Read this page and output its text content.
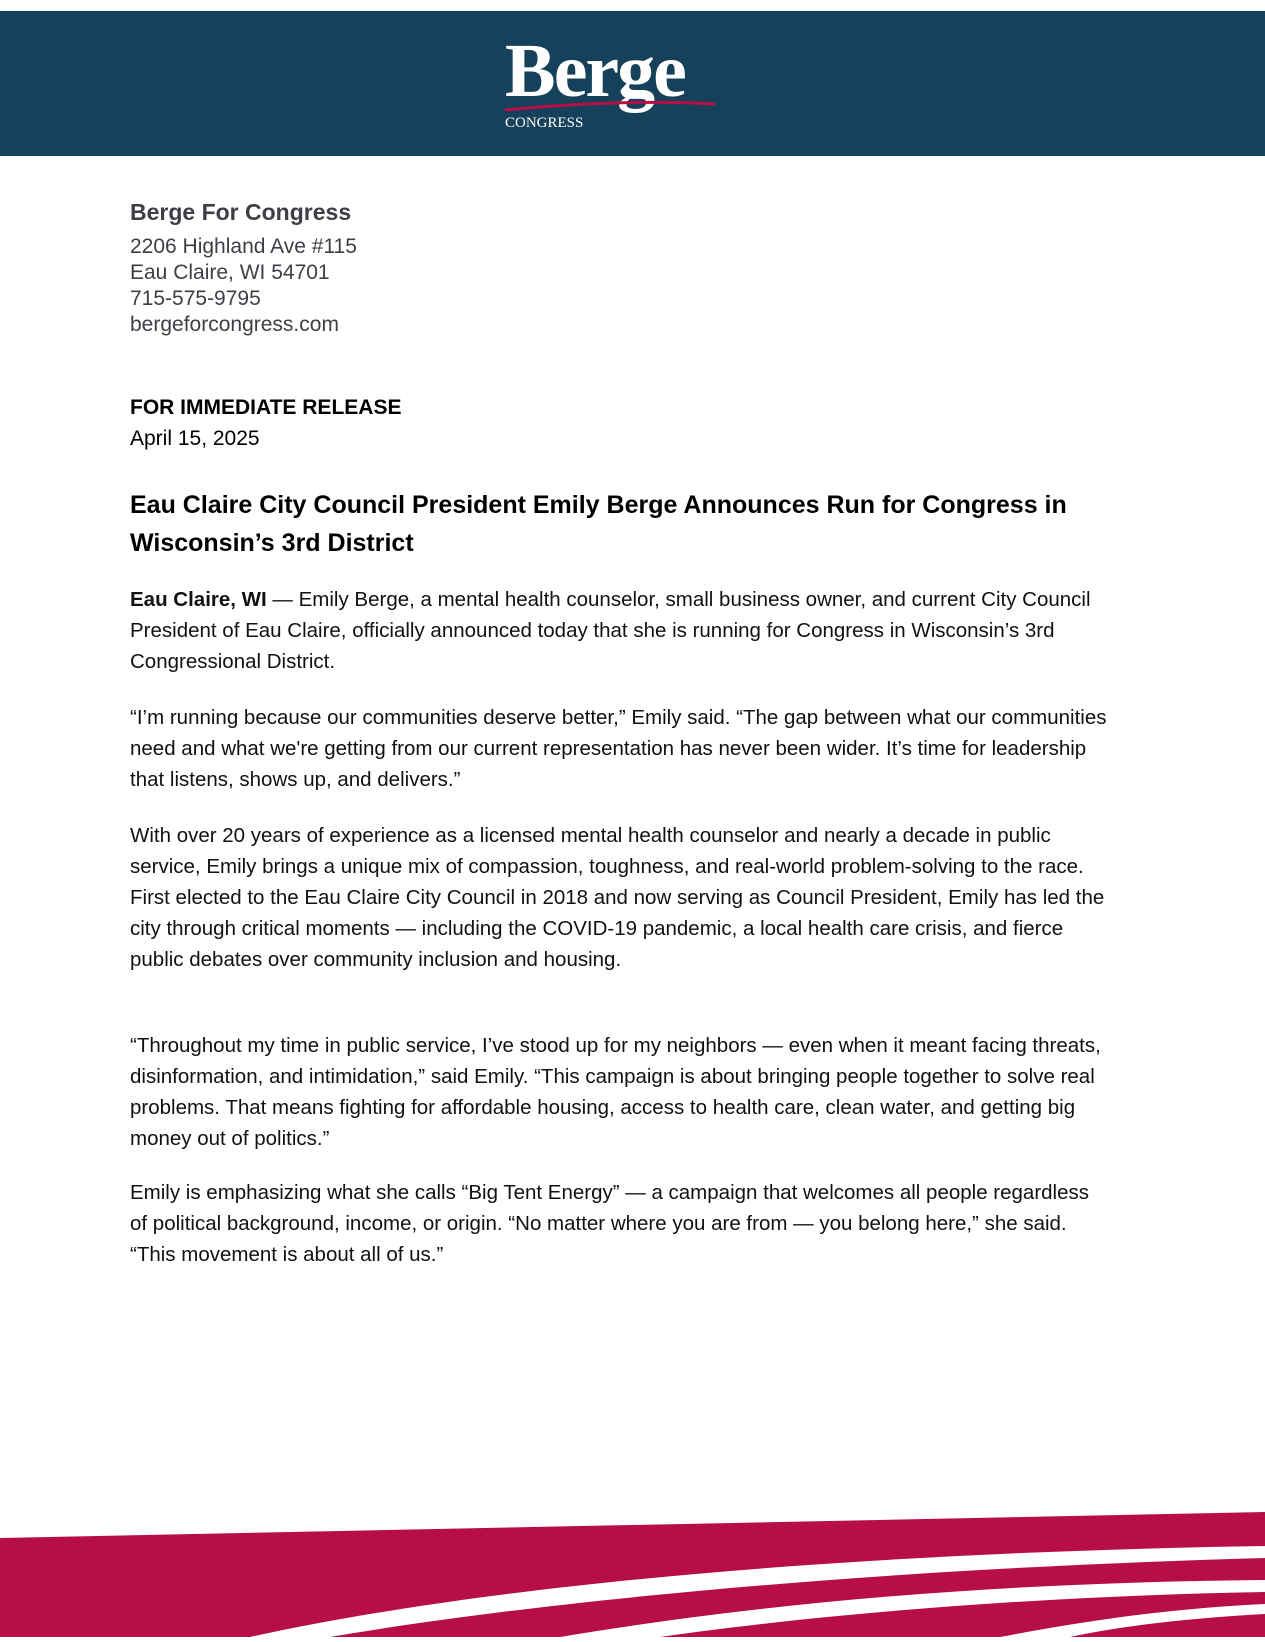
Berge
CONGRESS
Berge For Congress
2206 Highland Ave #115
Eau Claire, WI 54701
715-575-9795
bergeforcongress.com
FOR IMMEDIATE RELEASE
April 15, 2025
Eau Claire City Council President Emily Berge Announces Run for Congress in Wisconsin’s 3rd District

Eau Claire, WI — Emily Berge, a mental health counselor, small business owner, and current City Council President of Eau Claire, officially announced today that she is running for Congress in Wisconsin’s 3rd Congressional District.

“I’m running because our communities deserve better,” Emily said. “The gap between what our communities need and what we're getting from our current representation has never been wider. It’s time for leadership that listens, shows up, and delivers.”

With over 20 years of experience as a licensed mental health counselor and nearly a decade in public service, Emily brings a unique mix of compassion, toughness, and real-world problem-solving to the race. First elected to the Eau Claire City Council in 2018 and now serving as Council President, Emily has led the city through critical moments — including the COVID-19 pandemic, a local health care crisis, and fierce public debates over community inclusion and housing.

“Throughout my time in public service, I’ve stood up for my neighbors — even when it meant facing threats, disinformation, and intimidation,” said Emily. “This campaign is about bringing people together to solve real problems. That means fighting for affordable housing, access to health care, clean water, and getting big money out of politics.”

Emily is emphasizing what she calls “Big Tent Energy” — a campaign that welcomes all people regardless of political background, income, or origin. “No matter where you are from — you belong here,” she said. “This movement is about all of us.”
